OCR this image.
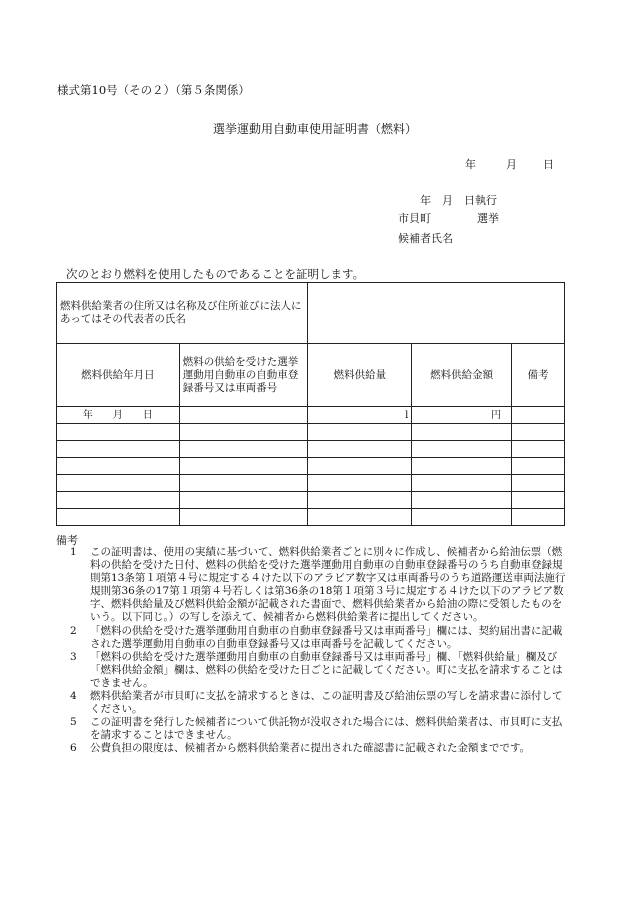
様式第10号（その２）（第５条関係）
選挙運動用自動車使用証明書（燃料）
年	月 日
年　月　日執行
市貝町	選挙
候補者氏名
次のとおり燃料を使用したものであることを証明します。
燃料供給業者の住所又は名称及び住所並びに法人にあってはその代表者の氏名				
燃料供給年月日	燃料の供給を受けた選挙運動用自動車の自動車登録番号又は車両番号	燃料供給量	燃料供給金額	備考
年　　月　　日		l	円	

備考
1 この証明書は、使用の実績に基づいて、燃料供給業者ごとに別々に作成し、候補者から給油伝票（燃料の供給を受けた日付、燃料の供給を受けた選挙運動用自動車の自動車登録番号のうち自動車登録規則第13条第１項第４号に規定する４けた以下のアラビア数字又は車両番号のうち道路運送車両法施行規則第36条の17第１項第４号若しくは第36条の18第１項第３号に規定する４けた以下のアラビア数字、燃料供給量及び燃料供給金額が記載された書面で、燃料供給業者から給油の際に受領したものをいう。以下同じ。）の写しを添えて、候補者から燃料供給業者に提出してください。
2 「燃料の供給を受けた選挙運動用自動車の自動車登録番号又は車両番号」欄には、契約届出書に記載された選挙運動用自動車の自動車登録番号又は車両番号を記載してください。
3 「燃料の供給を受けた選挙運動用自動車の自動車登録番号又は車両番号」欄、「燃料供給量」欄及び「燃料供給金額」欄は、燃料の供給を受けた日ごとに記載してください。町に支払を請求することはできません。
4 燃料供給業者が市貝町に支払を請求するときは、この証明書及び給油伝票の写しを請求書に添付してください。
5 この証明書を発行した候補者について供託物が没収された場合には、燃料供給業者は、市貝町に支払を請求することはできません。
6 公費負担の限度は、候補者から燃料供給業者に提出された確認書に記載された金額までです。
